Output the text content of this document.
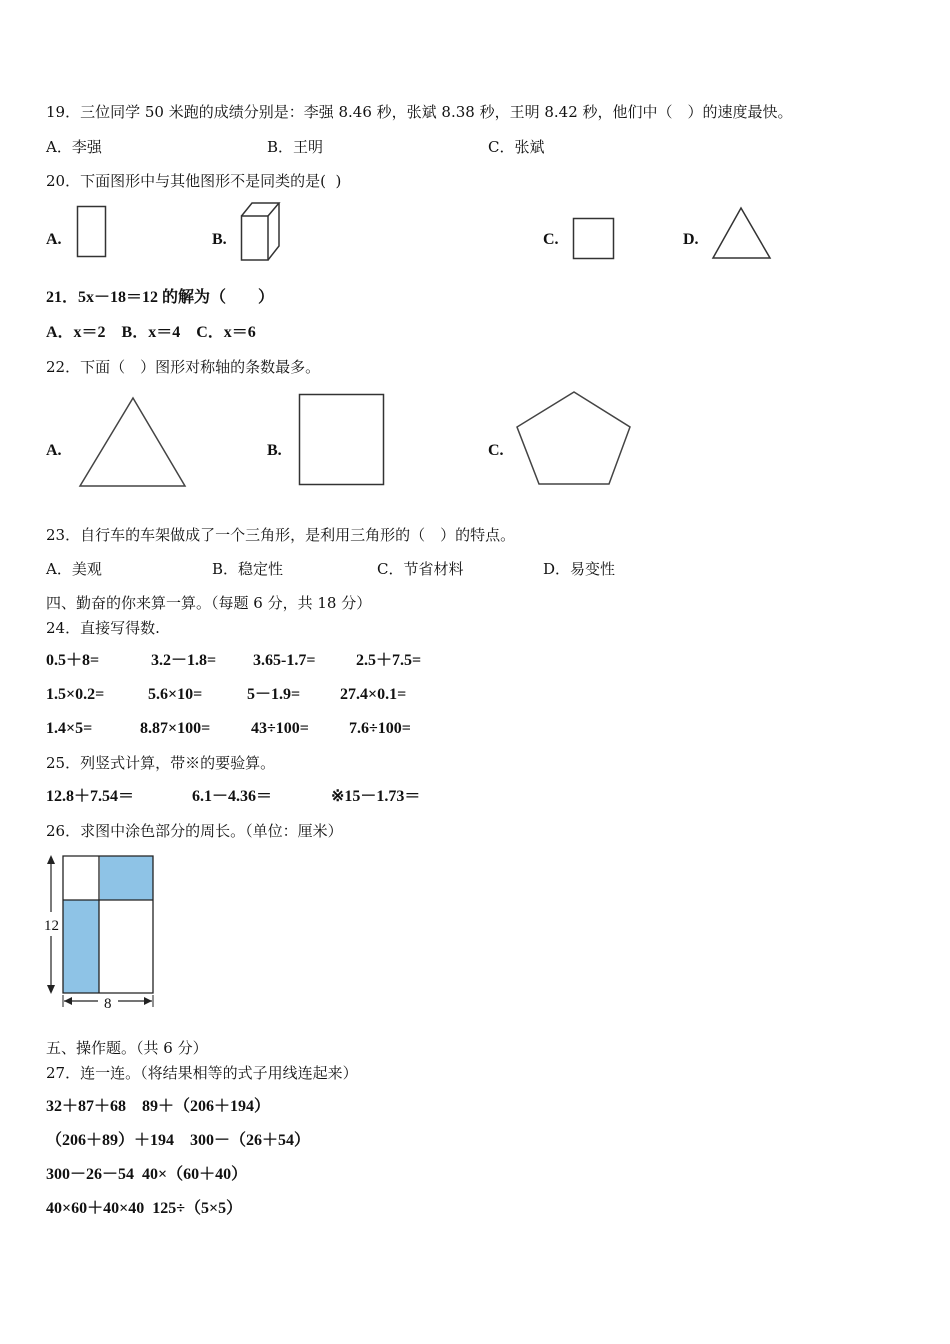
19．三位同学 50 米跑的成绩分别是：李强 8.46 秒，张斌 8.38 秒，王明 8.42 秒，他们中（　）的速度最快。
A．李强	B．王明	C．张斌
20．下面图形中与其他图形不是同类的是(  )
A.	B.	C.	D.
21．5x－18＝12 的解为（　　）
A．x＝2　B．x＝4　C．x＝6
22．下面（　）图形对称轴的条数最多。
A.	B.	C.
23．自行车的车架做成了一个三角形，是利用三角形的（　）的特点。
A．美观	B．稳定性	C．节省材料	D．易变性
四、勤奋的你来算一算。（每题 6 分，共 18 分）
24．直接写得数.
0.5＋8=	3.2－1.8= 3.65-1.7=	2.5＋7.5=
1.5×0.2=	5.6×10=	5－1.9= 27.4×0.1=
1.4×5=	8.87×100=	43÷100=	7.6÷100=
25．列竖式计算，带※的要验算。
12.8＋7.54＝	6.1－4.36＝	※15－1.73＝
26．求图中涂色部分的周长。（单位：厘米）
12
8
五、操作题。（共 6 分）
27．连一连。（将结果相等的式子用线连起来）
32＋87＋68　89＋（206＋194）
（206＋89）＋194　300－（26＋54）
300－26－54  40×（60＋40）
40×60＋40×40  125÷（5×5）
